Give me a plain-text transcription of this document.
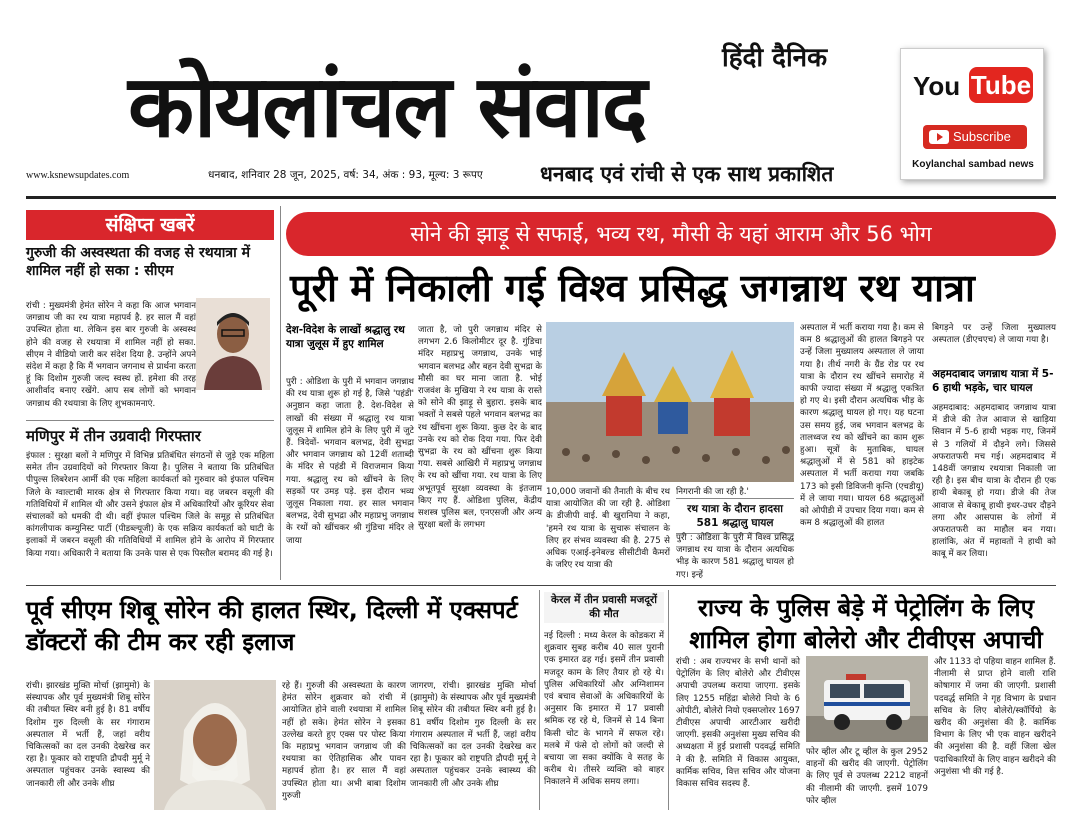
हिंदी दैनिक
कोयलांचल संवाद
www.ksnewsupdates.com	धनबाद, शनिवार 28 जून, 2025, वर्ष: 34, अंक : 93, मूल्य: 3 रूपए	धनबाद एवं रांची से एक साथ प्रकाशित
You Tube
Subscribe
Koylanchal sambad news
संक्षिप्त खबरें
गुरुजी की अस्वस्थता की वजह से रथयात्रा में शामिल नहीं हो सका : सीएम
रांची : मुख्यमंत्री हेमंत सोरेन ने कहा कि आज भगवान जगन्नाथ जी का रथ यात्रा महापर्व है. हर साल मैं वहां उपस्थित होता था. लेकिन इस बार गुरुजी के अस्वस्थ होने की वजह से रथयात्रा में शामिल नहीं हो सका. सीएम ने वीडियो जारी कर संदेश दिया है. उन्होंने अपने संदेश में कहा है कि मैं भगवान जगनाथ से प्रार्थना करता हूं कि दिशोम गुरुजी जल्द स्वस्थ हों. हमेशा की तरह आशीर्वाद बनाए रखेंगे. आप सब लोगों को भगवान जगन्नाथ की रथयात्रा के लिए शुभकामनाएं.
मणिपुर में तीन उग्रवादी गिरफ्तार
इंफाल : सुरक्षा बलों ने मणिपुर में विभिन्न प्रतिबंधित संगठनों से जुड़े एक महिला समेत तीन उग्रवादियों को गिरफ्तार किया है। पुलिस ने बताया कि प्रतिबंधित पीपुल्स लिबरेशन आर्मी की एक महिला कार्यकर्ता को गुरुवार को इंफाल पश्चिम जिले के ग्वाल्टाबी मारक क्षेत्र से गिरफ्तार किया गया। वह जबरन वसूली की गतिविधियों में शामिल थी और उसने इंफाल क्षेत्र में अधिकारियों और कूरियर सेवा संचालकों को धमकी दी थी। वहीं इंफाल पश्चिम जिले के समूह से प्रतिबंधित कांगलीपाक कम्युनिस्ट पार्टी (पीडब्ल्यूजी) के एक सक्रिय कार्यकर्ता को घाटी के इलाकों में जबरन वसूली की गतिविधियों में शामिल होने के आरोप में गिरफ्तार किया गया। अधिकारी ने बताया कि उनके पास से एक पिस्तौल बरामद की गई है।
सोने की झाड़ू से सफाई, भव्य रथ, मौसी के यहां आराम और 56 भोग
पूरी में निकाली गई विश्व प्रसिद्ध जगन्नाथ रथ यात्रा
देश-विदेश के लाखों श्रद्धालु रथ यात्रा जुलूस में हुए शामिल
पुरी : ओडिशा के पुरी में भगवान जगन्नाथ की रथ यात्रा शुरू हो गई है, जिसे 'पहंडी' अनुष्ठान कहा जाता है. देश-विदेश से लाखों की संख्या में श्रद्धालु रथ यात्रा जुलूस में शामिल होने के लिए पुरी में जुटे हैं. त्रिदेवों- भगवान बलभद्र, देवी सुभद्रा और भगवान जगन्नाथ को 12वीं शताब्दी के मंदिर से पहंडी में विराजमान किया गया. श्रद्धालु रथ को खींचने के लिए सड़कों पर उमड़ पड़े. इस दौरान भव्य जुलूस निकाला गया. हर साल भगवान बलभद्र, देवी सुभद्रा और महाप्रभु जगन्नाथ के रथों को खींचकर श्री गुंडिचा मंदिर ले जाया
जाता है, जो पुरी जगन्नाथ मंदिर से लगभग 2.6 किलोमीटर दूर है. गुंडिचा मंदिर महाप्रभु जगन्नाथ, उनके भाई भगवान बलभद्र और बहन देवी सुभद्रा के मौसी का घर माना जाता है. भोई राजवंश के मुखिया ने रथ यात्रा के रास्ते को सोने की झाड़ू से बुहारा. इसके बाद भक्तों ने सबसे पहले भगवान बलभद्र का रथ खींचना शुरू किया. कुछ देर के बाद उनके रथ को रोक दिया गया. फिर देवी सुभद्रा के रथ को खींचना शुरू किया गया. सबसे आखिरी में महाप्रभु जगन्नाथ के रथ को खींचा गया. रथ यात्रा के लिए अभूतपूर्व सुरक्षा व्यवस्था के इंतजाम किए गए हैं. ओडिशा पुलिस, केंद्रीय सशस्त्र पुलिस बल, एनएसजी और अन्य सुरक्षा बलों के लगभग
10,000 जवानों की तैनाती के बीच रथ यात्रा आयोजित की जा रही है. ओडिशा के डीजीपी वाई. बी खुरानिया ने कहा, 'हमने रथ यात्रा के सुचारू संचालन के लिए हर संभव व्यवस्था की है. 275 से अधिक एआई-इनेबल्ड सीसीटीवी कैमरों के जरिए रथ यात्रा की
निगरानी की जा रही है.'
रथ यात्रा के दौरान हादसा 581 श्रद्धालु घायल
पुरी : ओडिशा के पुरी में विश्व प्रसिद्ध जगन्नाथ रथ यात्रा के दौरान अत्यधिक भीड़ के कारण 581 श्रद्धालु घायल हो गए। इन्हें
अस्पताल में भर्ती कराया गया है। कम से कम 8 श्रद्धालुओं की हालत बिगड़ने पर उन्हें जिला मुख्यालय अस्पताल ले जाया गया है। तीर्थ नगरी के ग्रैंड रोड पर रथ यात्रा के दौरान रथ खींचने समारोह में काफी ज्यादा संख्या में श्रद्धालु एकत्रित हो गए थे। इसी दौरान अत्यधिक भीड़ के कारण श्रद्धालु घायल हो गए। यह घटना उस समय हुई, जब भगवान बलभद्र के तालध्वज रथ को खींचने का काम शुरू हुआ। सूत्रों के मुताबिक, घायल श्रद्धालुओं में से 581 को हाइटेक अस्पताल में भर्ती कराया गया जबकि 173 को इसी डिविजनी कृन्ति (एचडीयू) में ले जाया गया। घायल 68 श्रद्धालुओं को ओपीडी में उपचार दिया गया। कम से कम 8 श्रद्धालुओं की हालत
बिगड़ने पर उन्हें जिला मुख्यालय अस्पताल (डीएचएच) ले जाया गया है।
अहमदाबाद जगन्नाथ यात्रा में 5-6 हाथी भड़के, चार घायल
अहमदाबाद: अहमदाबाद जगन्नाथ यात्रा में डीजे की तेज आवाज से खाड़िया सिवान में 5-6 हाथी भड़क गए, जिनमें से 3 गलियों में दौड़ने लगे। जिससे अफरातफरी मच गई। अहमदाबाद में 148वीं जगन्नाथ रथयात्रा निकाली जा रही है। इस बीच यात्रा के दौरान ही एक हाथी बेकाबू हो गया। डीजे की तेज आवाज से बेकाबू हाथी इधर-उधर दौड़ने लगा और आसपास के लोगों में अफरातफरी का माहौल बन गया। हालांकि, अंत में महावतों ने हाथी को काबू में कर लिया।
पूर्व सीएम शिबू सोरेन की हालत स्थिर, दिल्ली में एक्सपर्ट डॉक्टरों की टीम कर रही इलाज
रांची। झारखंड मुक्ति मोर्चा (झामुमो) के संस्थापक और पूर्व मुख्यमंत्री शिबू सोरेन की तबीयत स्थिर बनी हुई है। 81 वर्षीय दिशोम गुरु दिल्ली के सर गंगाराम अस्पताल में भर्ती हैं, जहां वरीय चिकित्सकों का दल उनकी देखरेख कर रहा है। फूकार को राष्ट्रपति द्रौपदी मुर्मू ने अस्पताल पहुंचकर उनके स्वास्थ्य की जानकारी ली और उनके शीघ्र
रहे हैं। गुरुजी की अस्वस्थता के कारण हेमंत सोरेन शुक्रवार को रांची में आयोजित होने वाली रथयात्रा में शामिल नहीं हो सके। हेमंत सोरेन ने इसका उल्लेख करते हुए एक्स पर पोस्ट किया कि महाप्रभु भगवान जगन्नाथ जी की रथयात्रा का ऐतिहासिक और पावन महापर्व होता है। हर साल मैं वहां उपस्थित होता था। अभी बाबा दिशोम गुरुजी
जागरण, रांची। झारखंड मुक्ति मोर्चा (झामुमो) के संस्थापक और पूर्व मुख्यमंत्री शिबू सोरेन की तबीयत स्थिर बनी हुई है। 81 वर्षीय दिशोम गुरु दिल्ली के सर गंगाराम अस्पताल में भर्ती हैं, जहां वरीय चिकित्सकों का दल उनकी देखरेख कर रहा है। फूकार को राष्ट्रपति द्रौपदी मुर्मू ने अस्पताल पहुंचकर उनके स्वास्थ्य की जानकारी ली और उनके शीघ्र
केरल में तीन प्रवासी मजदूरों की मौत
नई दिल्ली : मध्य केरल के कोडकरा में शुक्रवार सुबह करीब 40 साल पुरानी एक इमारत ढह गई। इसमें तीन प्रवासी मजदूर काम के लिए तैयार हो रहे थे। पुलिस अधिकारियों और अग्निशामन एवं बचाव सेवाओं के अधिकारियों के अनुसार कि इमारत में 17 प्रवासी श्रमिक रह रहे थे, जिनमें से 14 बिना किसी चोट के भागने में सफल रहे। मलबे में फंसे दो लोगों को जल्दी से बचाया जा सका क्योंकि वे सतह के करीब थे। तीसरे व्यक्ति को बाहर निकालने में अधिक समय लगा।
राज्य के पुलिस बेड़े में पेट्रोलिंग के लिए शामिल होगा बोलेरो और टीवीएस अपाची
रांची : अब राज्यभर के सभी थानों को पेट्रोलिंग के लिए बोलेरो और टीवीएस अपाची उपलब्ध कराया जाएगा. इसके लिए 1255 महिंद्रा बोलेरो नियो के 6 ओपीटी, बोलेरो नियो एक्सप्लोरर 1697 टीवीएस अपाची आरटीआर खरीदी जाएगी. इसकी अनुशंसा मुख्य सचिव की अध्यक्षता में हुई प्रशासी पदवर्द्ध समिति ने की है. समिति में विकास आयुक्त, कार्मिक सचिव, वित्त सचिव और योजना विकास सचिव सदस्य हैं.
फोर व्हील और टू व्हील के कुल 2952 वाहनों की खरीद की जाएगी. पेट्रोलिंग के लिए पूर्व से उपलब्ध 2212 वाहनों की नीलामी की जाएगी. इसमें 1079 फोर व्हील
और 1133 दो पहिया वाहन शामिल हैं. नीलामी से प्राप्त होने वाली राशि कोषागार में जमा की जाएगी. प्रशासी पदवर्द्ध समिति ने गृह विभाग के प्रधान सचिव के लिए बोलेरो/स्कॉर्पियो के खरीद की अनुशंसा की है. कार्मिक विभाग के लिए भी एक वाहन खरीदने की अनुशंसा की है. वहीं जिला खेल पदाधिकारियों के लिए वाहन खरीदने की अनुशंसा भी की गई है.
